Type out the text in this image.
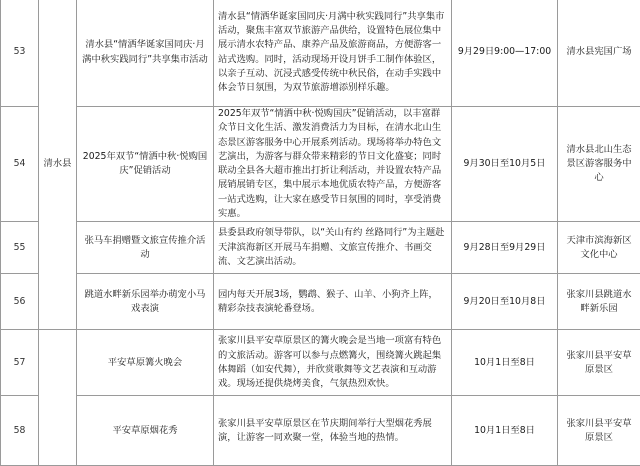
53	清水县	清水县“情洒华诞家国同庆·月满中秋实践同行”共享集市活动	清水县“情洒华诞家国同庆·月满中秋实践同行”共享集市活动，聚焦丰富双节旅游产品供给，设置特色展位集中展示清水农特产品、康养产品及旅游商品，方便游客一站式选购。同时，活动现场开设月饼手工制作体验区，以亲子互动、沉浸式感受传统中秋民俗，在动手实践中体会节日氛围，为双节旅游增添别样乐趣。	9月29日9:00—17:00	清水县宪国广场
54		2025年双节“情洒中秋·悦购国庆”促销活动	2025年双节“情洒中秋·悦购国庆”促销活动，以丰富群众节日文化生活、激发消费活力为目标，在清水北山生态景区游客服务中心开展系列活动。现场将举办特色文艺演出，为游客与群众带来精彩的节日文化盛宴；同时联动全县各大超市推出打折让利活动，并设置农特产品展销展销专区，集中展示本地优质农特产品，方便游客一站式选购，让大家在感受节日氛围的同时，享受消费实惠。	9月30日至10月5日	清水县北山生态景区游客服务中心
55		张马车捐赠暨文旅宣传推介活动	县委县政府领导带队，以“关山有约 丝路同行”为主题赴天津滨海新区开展马车捐赠、文旅宣传推介、书画交流、文艺演出活动。	9月28日至9月29日	天津市滨海新区文化中心
56		跳道水畔新乐园举办萌宠小马戏表演	园内每天开展3场，鹦鹉、猴子、山羊、小狗齐上阵，精彩杂技表演轮番登场。	9月20日至10月8日	张家川县跳道水畔新乐园
57		平安草原篝火晚会	张家川县平安草原景区的篝火晚会是当地一项富有特色的文旅活动。游客可以参与点燃篝火，围绕篝火跳起集体舞蹈（如安代舞），并欣赏歌舞等文艺表演和互动游戏。现场还提供烧烤美食，气氛热烈欢快。	10月1日至8日	张家川县平安草原景区
58		平安草原烟花秀	张家川县平安草原景区在节庆期间举行大型烟花秀展演，让游客一同欢聚一堂，体验当地的热情。	10月1日至8日	张家川县平安草原景区
